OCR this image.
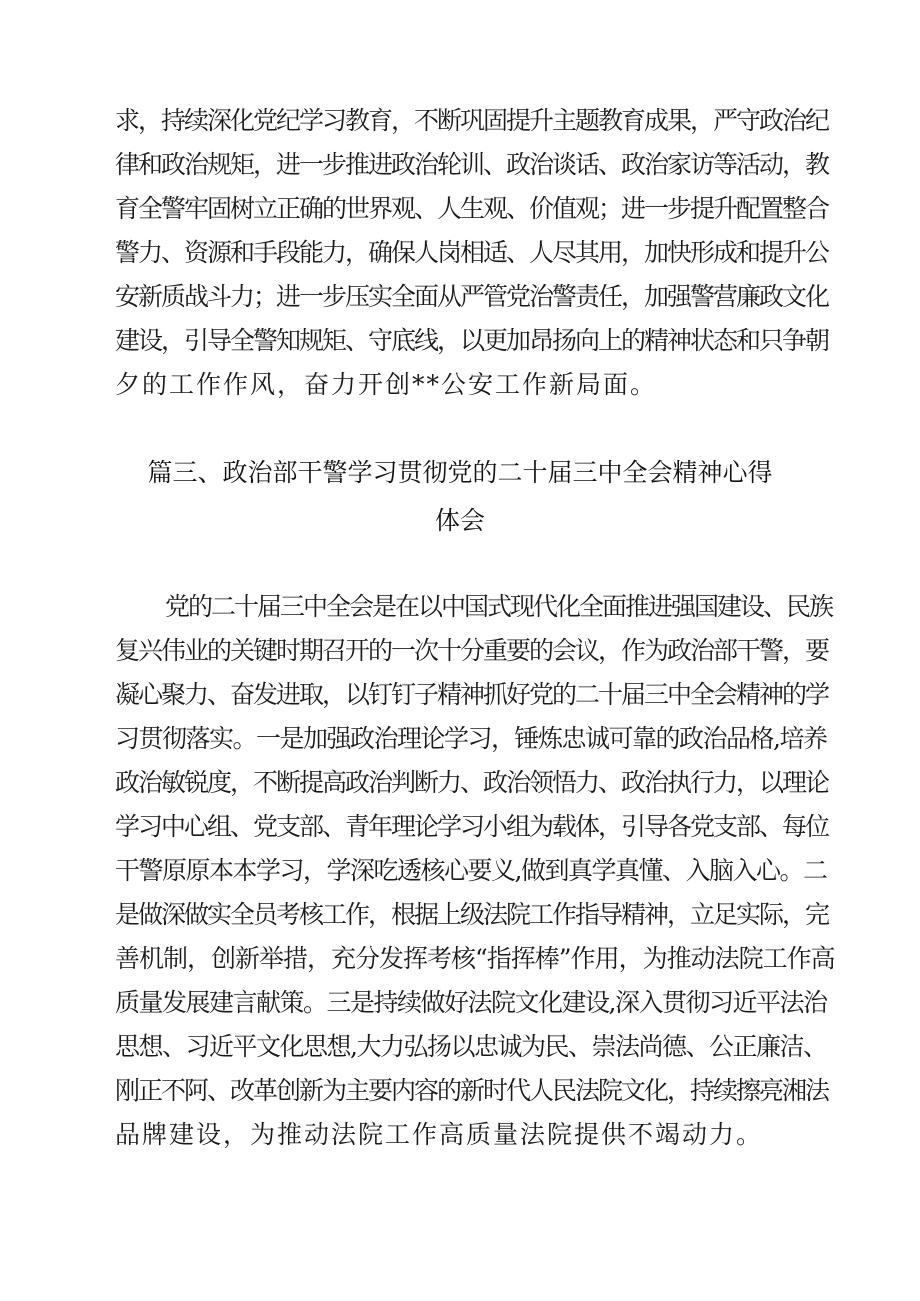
求，持续深化党纪学习教育，不断巩固提升主题教育成果，严守政治纪
律和政治规矩，进一步推进政治轮训、政治谈话、政治家访等活动，教
育全警牢固树立正确的世界观、人生观、价值观；进一步提升配置整合
警力、资源和手段能力，确保人岗相适、人尽其用，加快形成和提升公
安新质战斗力；进一步压实全面从严管党治警责任，加强警营廉政文化
建设，引导全警知规矩、守底线，以更加昂扬向上的精神状态和只争朝
夕的工作作风，奋力开创**公安工作新局面。
篇三、政治部干警学习贯彻党的二十届三中全会精神心得
体会
党的二十届三中全会是在以中国式现代化全面推进强国建设、民族
复兴伟业的关键时期召开的一次十分重要的会议，作为政治部干警，要
凝心聚力、奋发进取，以钉钉子精神抓好党的二十届三中全会精神的学
习贯彻落实。一是加强政治理论学习，锤炼忠诚可靠的政治品格,培养
政治敏锐度，不断提高政治判断力、政治领悟力、政治执行力，以理论
学习中心组、党支部、青年理论学习小组为载体，引导各党支部、每位
干警原原本本学习，学深吃透核心要义,做到真学真懂、入脑入心。二
是做深做实全员考核工作，根据上级法院工作指导精神，立足实际，完
善机制，创新举措，充分发挥考核“指挥棒”作用，为推动法院工作高
质量发展建言献策。三是持续做好法院文化建设,深入贯彻习近平法治
思想、习近平文化思想,大力弘扬以忠诚为民、崇法尚德、公正廉洁、
刚正不阿、改革创新为主要内容的新时代人民法院文化，持续擦亮湘法
品牌建设，为推动法院工作高质量法院提供不竭动力。
